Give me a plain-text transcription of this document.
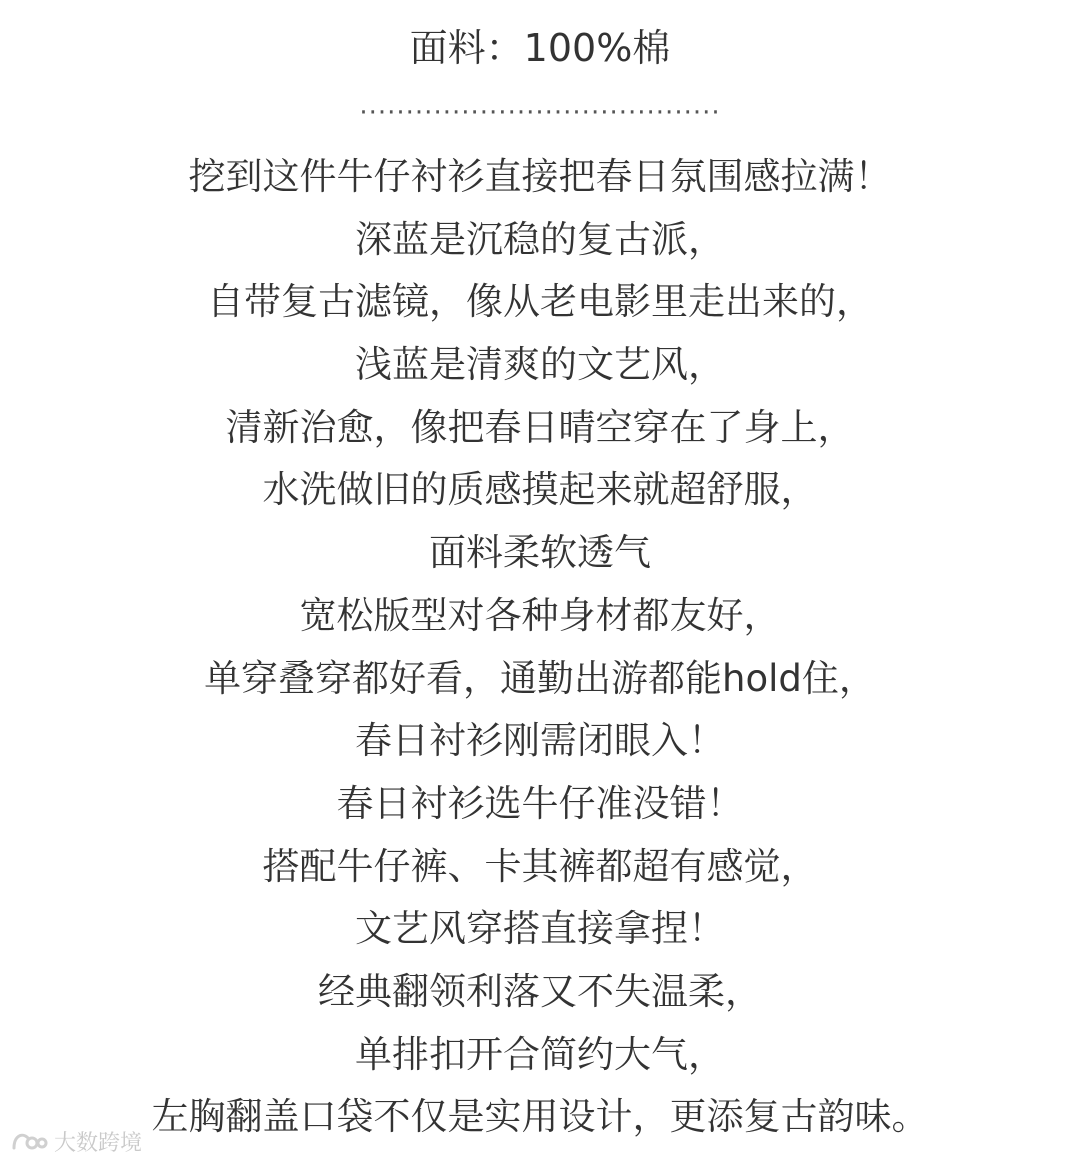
面料：100%棉
·······································
挖到这件牛仔衬衫直接把春日氛围感拉满！
深蓝是沉稳的复古派，
自带复古滤镜，像从老电影里走出来的，
浅蓝是清爽的文艺风，
清新治愈，像把春日晴空穿在了身上，
水洗做旧的质感摸起来就超舒服，
面料柔软透气
宽松版型对各种身材都友好，
单穿叠穿都好看，通勤出游都能hold住，
春日衬衫刚需闭眼入！
春日衬衫选牛仔准没错！
搭配牛仔裤、卡其裤都超有感觉，
文艺风穿搭直接拿捏！
经典翻领利落又不失温柔，
单排扣开合简约大气，
左胸翻盖口袋不仅是实用设计，更添复古韵味。
大数跨境
